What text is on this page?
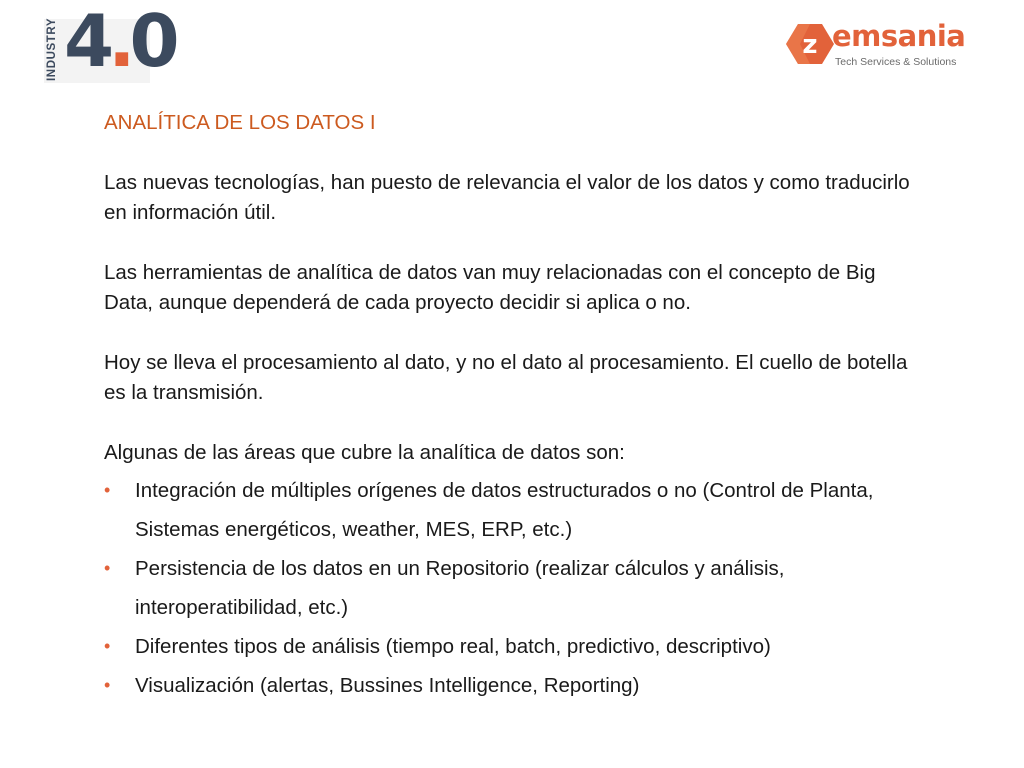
INDUSTRY 4.0	z emsania
Tech Services & Solutions
ANALÍTICA DE LOS DATOS I

Las nuevas tecnologías, han puesto de relevancia el valor de los datos y como traducirlo en información útil.

Las herramientas de analítica de datos van muy relacionadas con el concepto de Big Data, aunque dependerá de cada proyecto decidir si aplica o no.

Hoy se lleva el procesamiento al dato, y no el dato al procesamiento. El cuello de botella es la transmisión.

Algunas de las áreas que cubre la analítica de datos son:

• Integración de múltiples orígenes de datos estructurados o no (Control de Planta, Sistemas energéticos, weather, MES, ERP, etc.)
• Persistencia de los datos en un Repositorio (realizar cálculos y análisis, interoperatibilidad, etc.)
• Diferentes tipos de análisis (tiempo real, batch, predictivo, descriptivo)
• Visualización (alertas, Bussines Intelligence, Reporting)
